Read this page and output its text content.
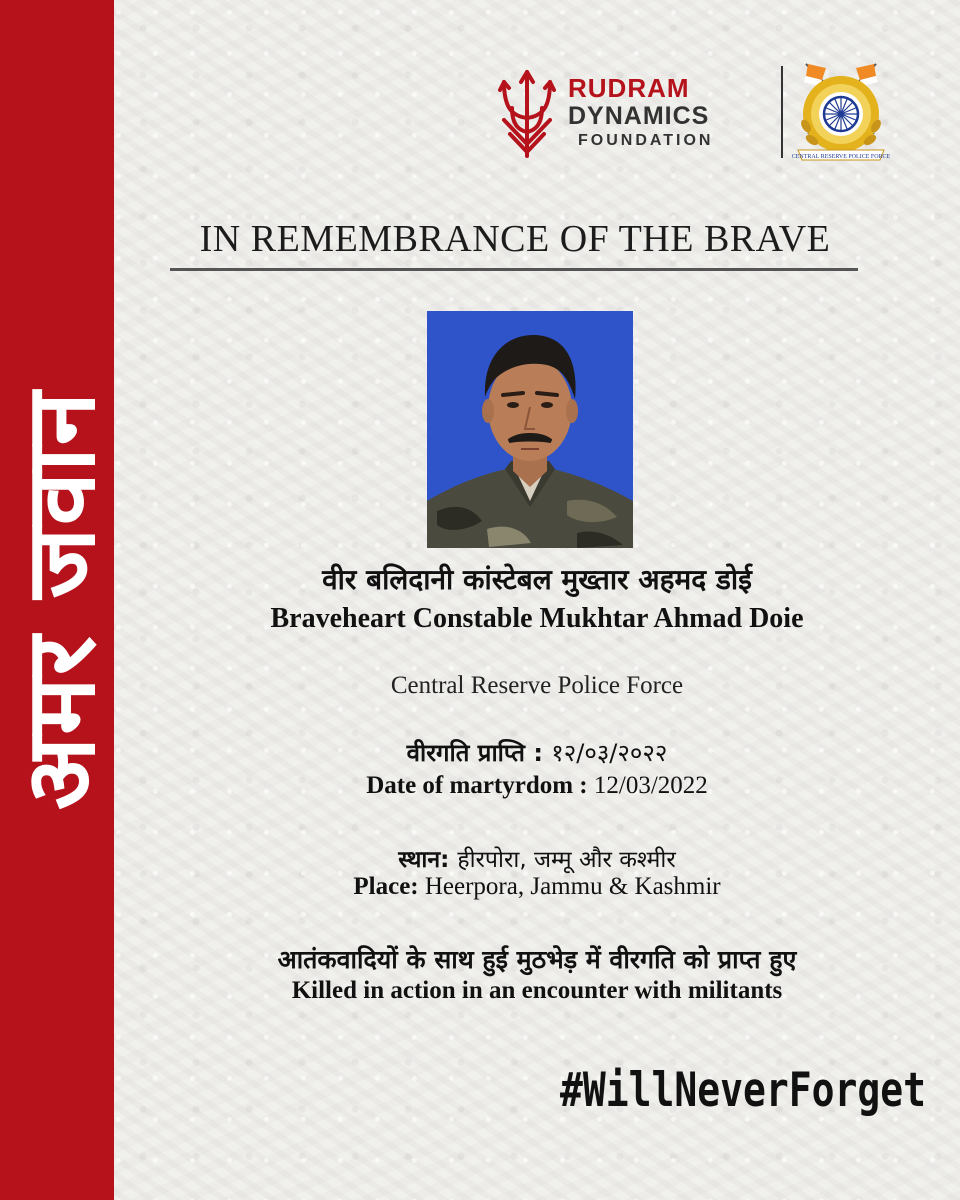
अमर जवान
RUDRAM
DYNAMICS
FOUNDATION
CENTRAL RESERVE POLICE FORCE
IN REMEMBRANCE OF THE BRAVE
वीर बलिदानी कांस्टेबल मुख्तार अहमद डोई
Braveheart Constable Mukhtar Ahmad Doie
Central Reserve Police Force
वीरगति प्राप्ति : १२/०३/२०२२
Date of martyrdom : 12/03/2022
स्थान: हीरपोरा, जम्मू और कश्मीर
Place: Heerpora, Jammu & Kashmir
आतंकवादियों के साथ हुई मुठभेड़ में वीरगति को प्राप्त हुए
Killed in action in an encounter with militants
#WillNeverForget
